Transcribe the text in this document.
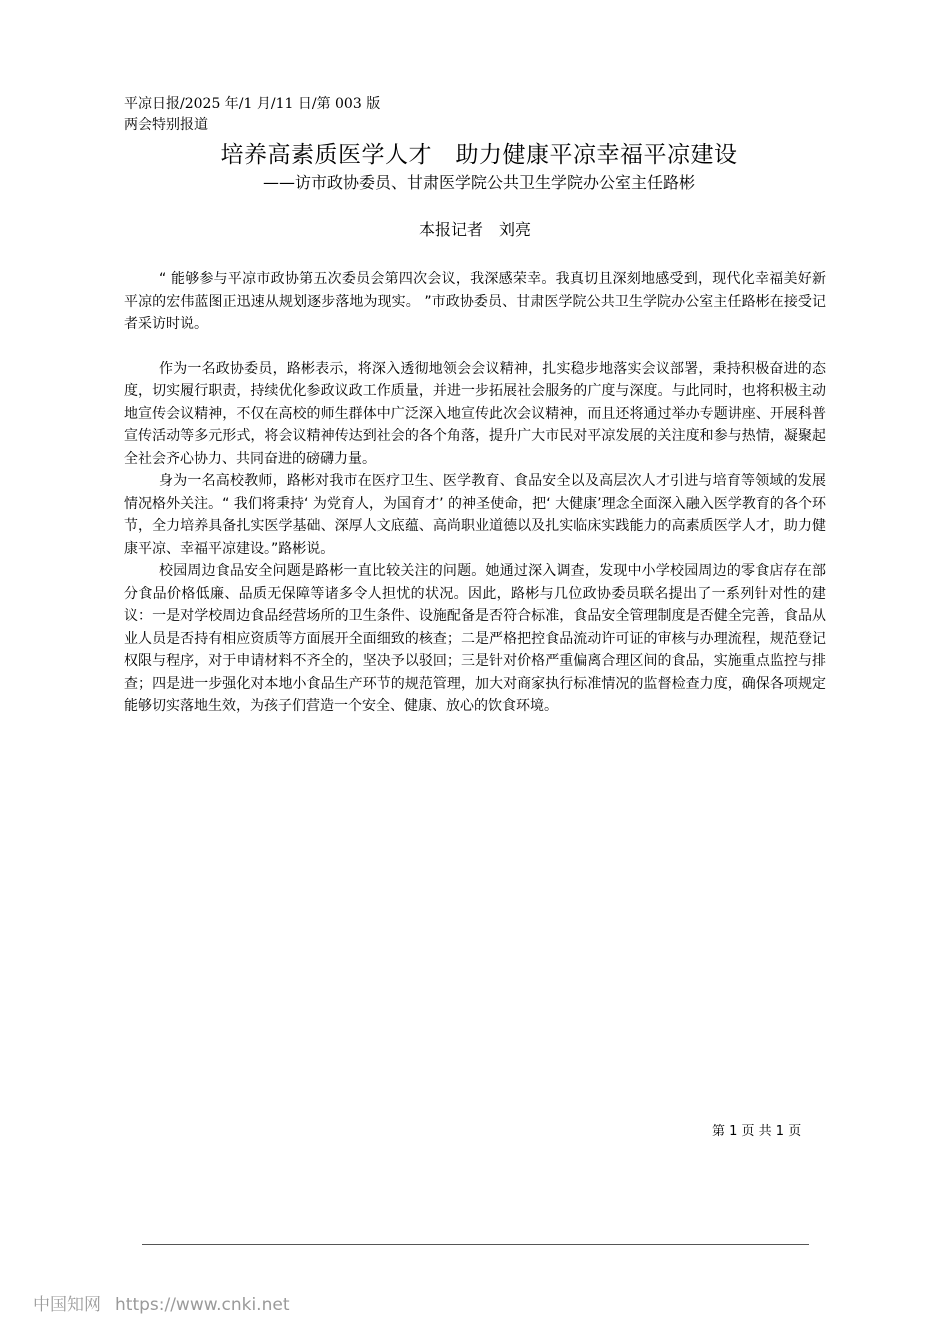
平凉日报/2025 年/1 月/11 日/第 003 版两会特别报道
培养高素质医学人才　助力健康平凉幸福平凉建设
——访市政协委员、甘肃医学院公共卫生学院办公室主任路彬
本报记者　刘亮

“ 能够参与平凉市政协第五次委员会第四次会议，我深感荣幸。我真切且深刻地感受到，现代化幸福美好新平凉的宏伟蓝图正迅速从规划逐步落地为现实。 ”市政协委员、甘肃医学院公共卫生学院办公室主任路彬在接受记者采访时说。

作为一名政协委员，路彬表示，将深入透彻地领会会议精神，扎实稳步地落实会议部署，秉持积极奋进的态度，切实履行职责，持续优化参政议政工作质量，并进一步拓展社会服务的广度与深度。与此同时，也将积极主动地宣传会议精神，不仅在高校的师生群体中广泛深入地宣传此次会议精神，而且还将通过举办专题讲座、开展科普宣传活动等多元形式，将会议精神传达到社会的各个角落，提升广大市民对平凉发展的关注度和参与热情，凝聚起全社会齐心协力、共同奋进的磅礴力量。

身为一名高校教师，路彬对我市在医疗卫生、医学教育、食品安全以及高层次人才引进与培育等领域的发展情况格外关注。“ 我们将秉持‘ 为党育人，为国育才’ 的神圣使命，把‘ 大健康’理念全面深入融入医学教育的各个环节，全力培养具备扎实医学基础、深厚人文底蕴、高尚职业道德以及扎实临床实践能力的高素质医学人才，助力健康平凉、幸福平凉建设。”路彬说。

校园周边食品安全问题是路彬一直比较关注的问题。她通过深入调查，发现中小学校园周边的零食店存在部分食品价格低廉、品质无保障等诸多令人担忧的状况。因此，路彬与几位政协委员联名提出了一系列针对性的建议：一是对学校周边食品经营场所的卫生条件、设施配备是否符合标准，食品安全管理制度是否健全完善，食品从业人员是否持有相应资质等方面展开全面细致的核查；二是严格把控食品流动许可证的审核与办理流程，规范登记权限与程序，对于申请材料不齐全的，坚决予以驳回；三是针对价格严重偏离合理区间的食品，实施重点监控与排查；四是进一步强化对本地小食品生产环节的规范管理，加大对商家执行标准情况的监督检查力度，确保各项规定能够切实落地生效，为孩子们营造一个安全、健康、放心的饮食环境。

第 1 页 共 1 页
中国知网 https://www.cnki.net
